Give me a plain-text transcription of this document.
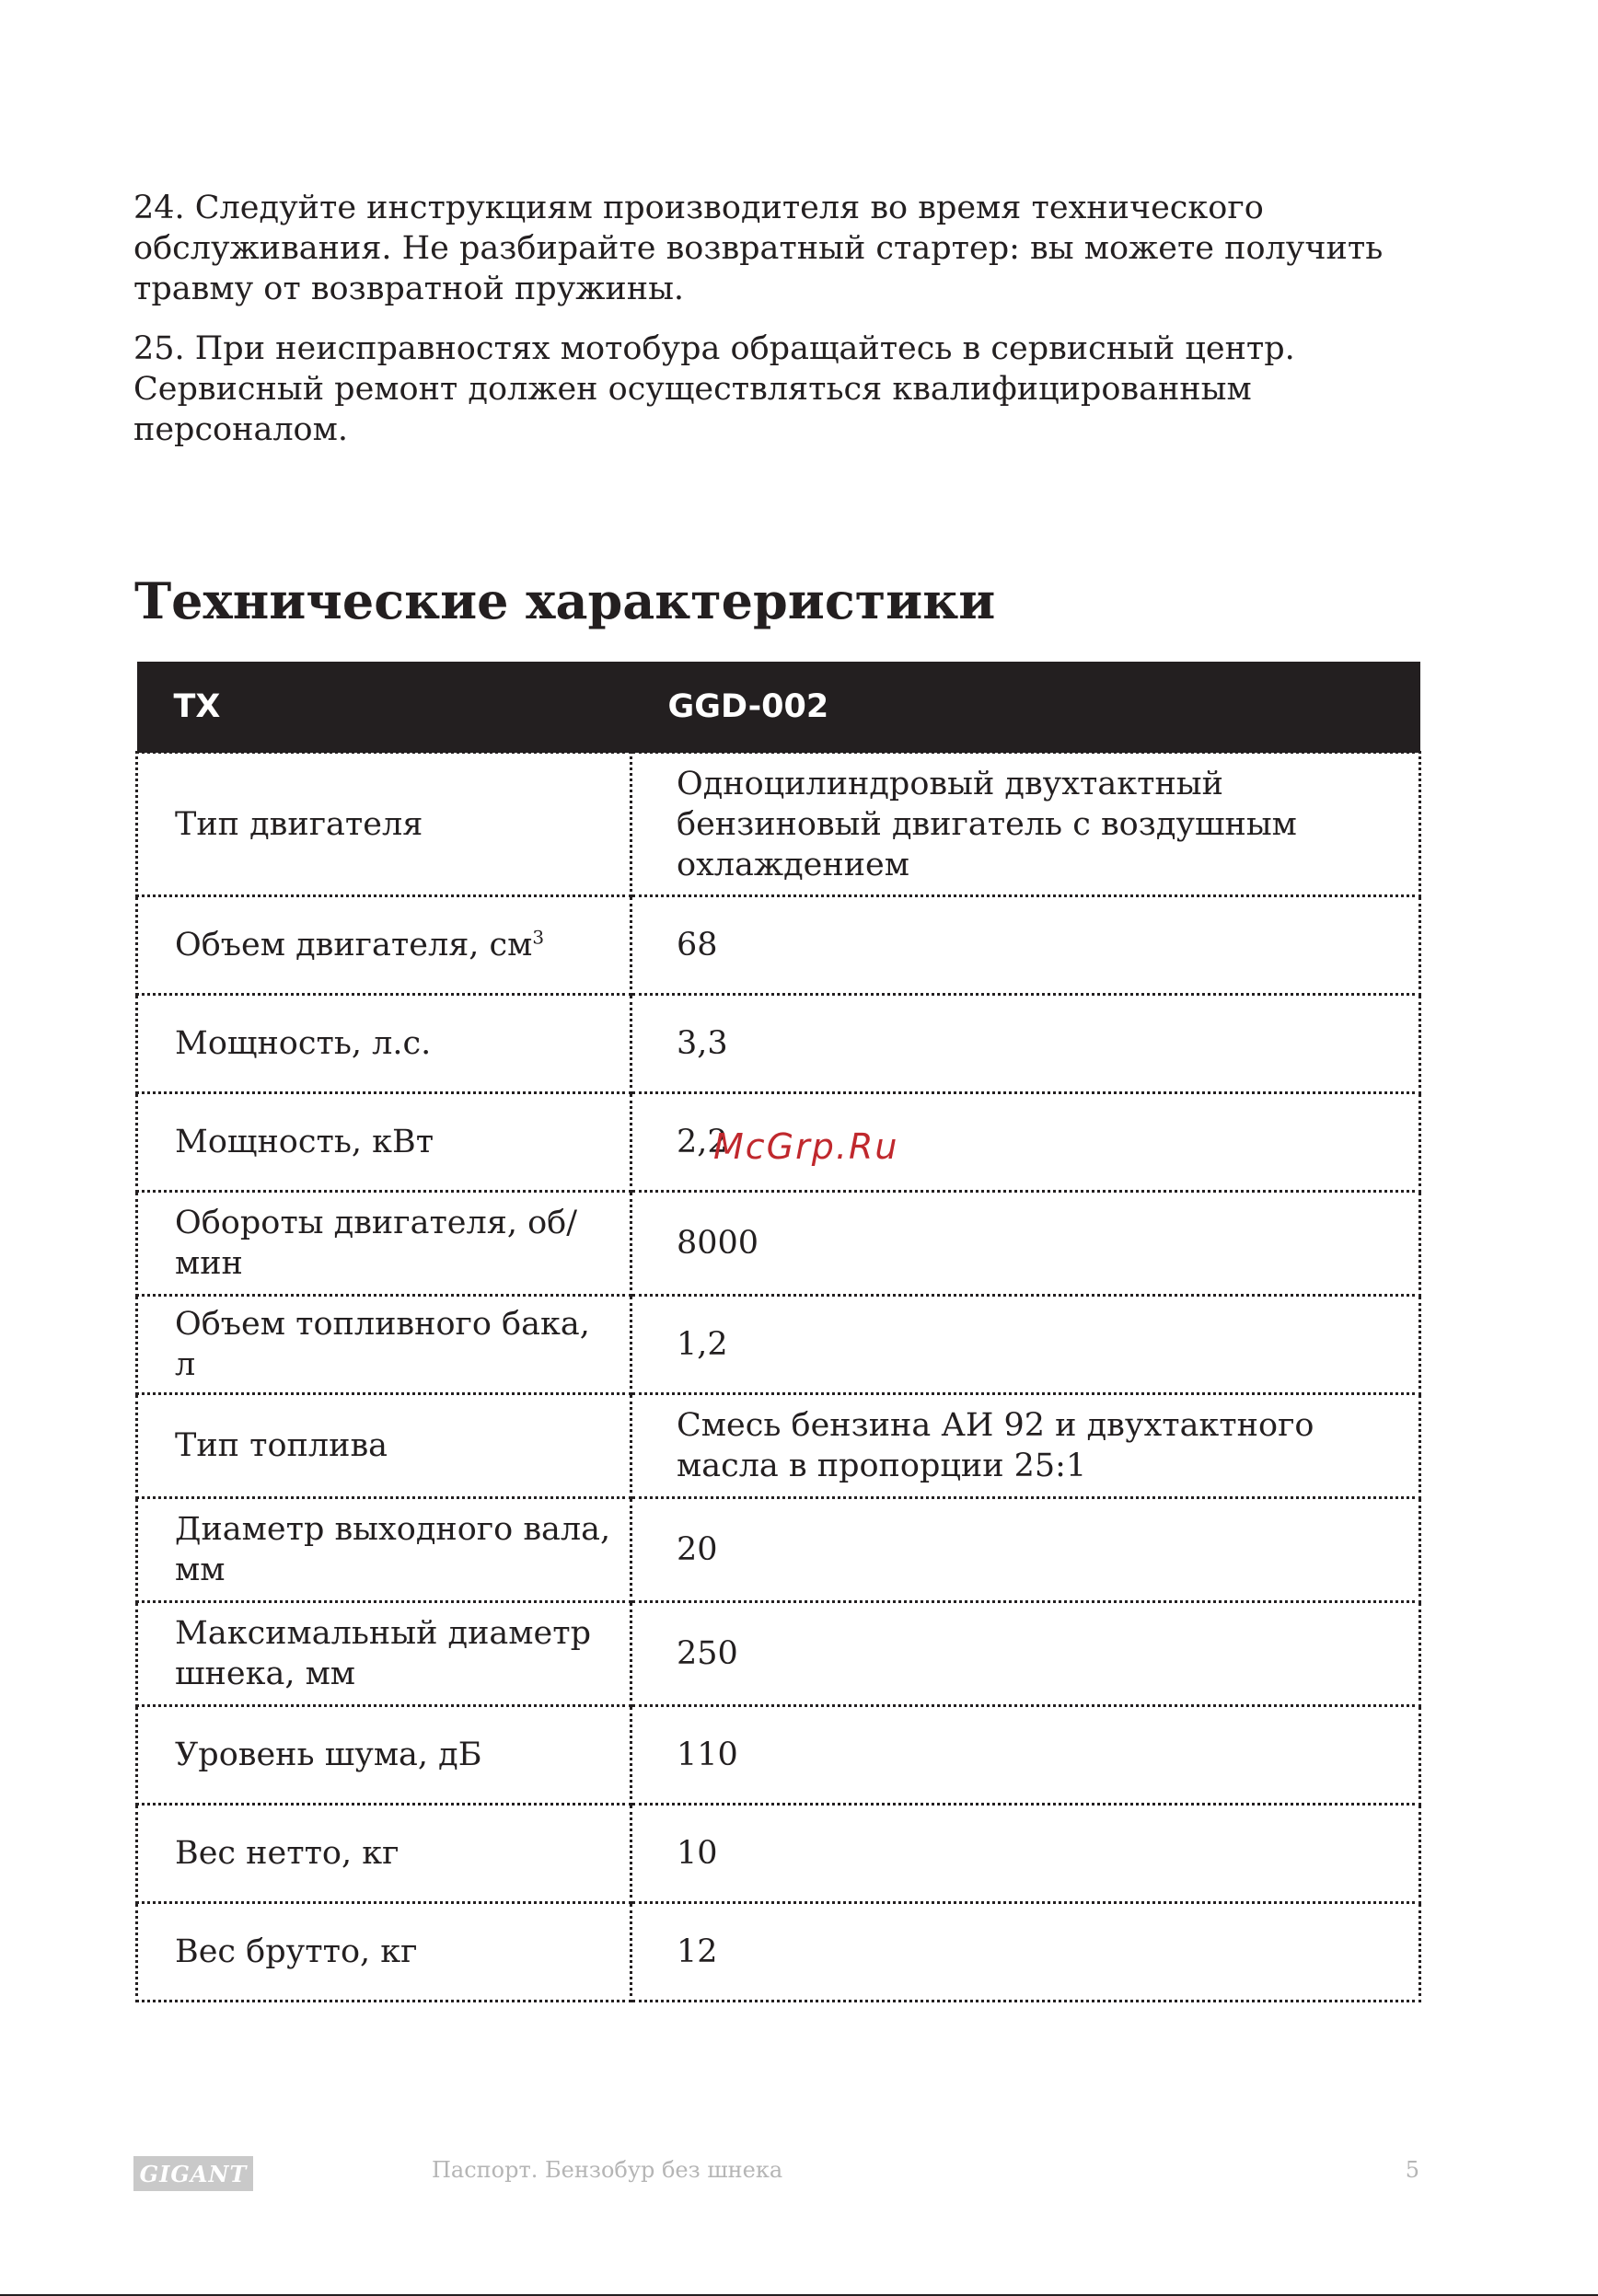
24. Следуйте инструкциям производителя во время технического обслуживания. Не разбирайте возвратный стартер: вы можете получить травму от возвратной пружины.

25. При неисправностях мотобура обращайтесь в сервисный центр. Сервисный ремонт должен осуществляться квалифицированным персоналом.

Технические характеристики
ТХ	GGD-002
Тип двигателя	Одноцилиндровый двухтактный бензиновый двигатель с воздушным охлаждением
Объем двигателя, $см^3$	68
Мощность, л.с.	3,3
Мощность, кВт	2,2
Обороты двигателя, об/мин	8000
Объем топливного бака, л	1,2
Тип топлива	Смесь бензина АИ 92 и двухтактного масла в пропорции 25:1
Диаметр выходного вала, мм	20
Максимальный диаметр шнека, мм	250
Уровень шума, дБ	110
Вес нетто, кг	10
Вес брутто, кг	12

McGrp.Ru

GIGANT	Паспорт. Бензобур без шнека	5
